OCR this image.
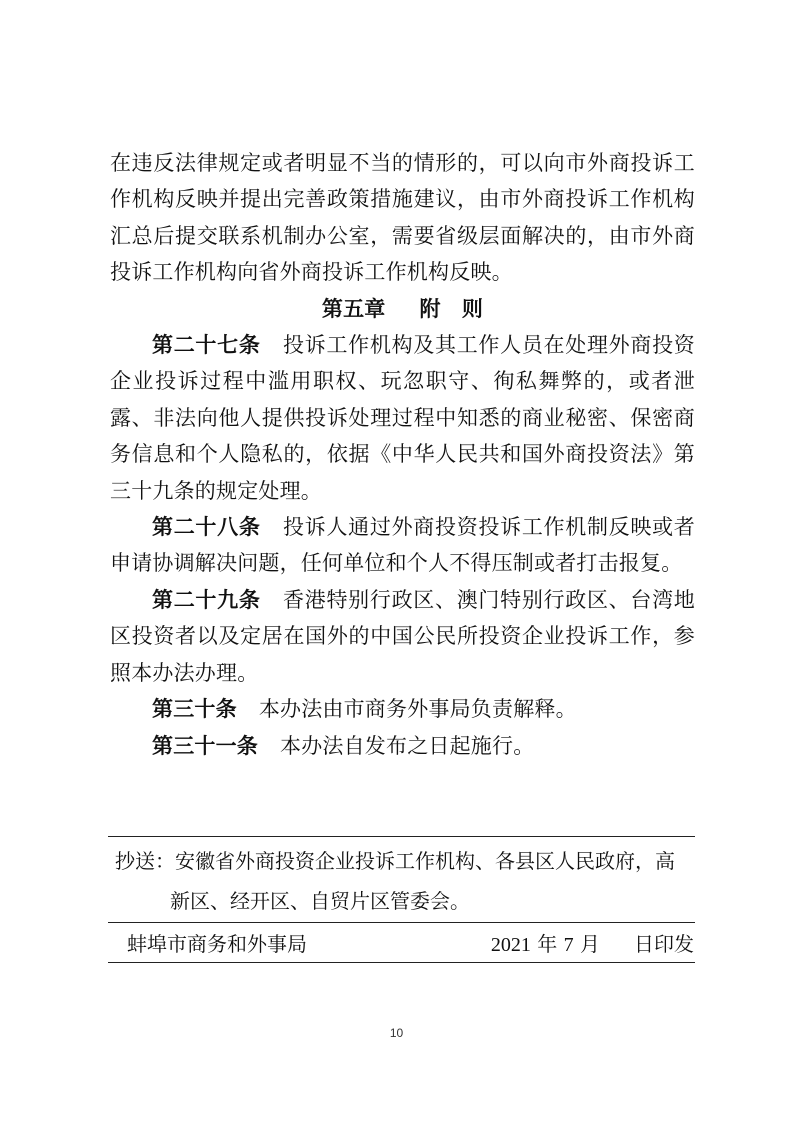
在违反法律规定或者明显不当的情形的，可以向市外商投诉工作机构反映并提出完善政策措施建议，由市外商投诉工作机构汇总后提交联系机制办公室，需要省级层面解决的，由市外商投诉工作机构向省外商投诉工作机构反映。

第五章 附　则

第二十七条 投诉工作机构及其工作人员在处理外商投资企业投诉过程中滥用职权、玩忽职守、徇私舞弊的，或者泄露、非法向他人提供投诉处理过程中知悉的商业秘密、保密商务信息和个人隐私的，依据《中华人民共和国外商投资法》第三十九条的规定处理。

第二十八条 投诉人通过外商投资投诉工作机制反映或者申请协调解决问题，任何单位和个人不得压制或者打击报复。

第二十九条 香港特别行政区、澳门特别行政区、台湾地区投资者以及定居在国外的中国公民所投资企业投诉工作，参照本办法办理。

第三十条 本办法由市商务外事局负责解释。

第三十一条 本办法自发布之日起施行。

抄送：安徽省外商投资企业投诉工作机构、各县区人民政府，高
新区、经开区、自贸片区管委会。
蚌埠市商务和外事局	2021 年 7 月 日印发
10
